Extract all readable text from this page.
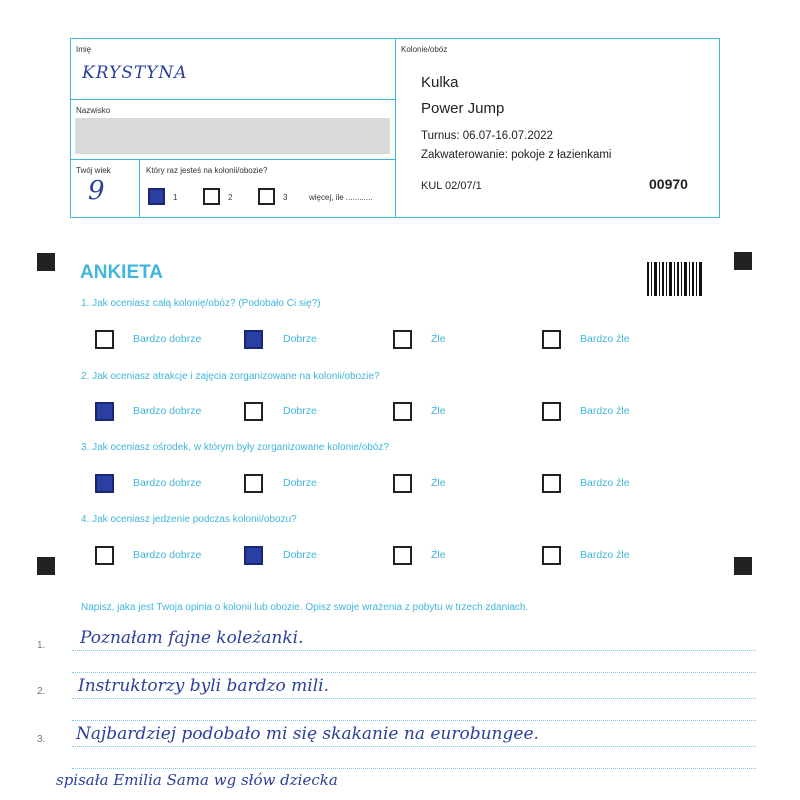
Imię
KRYSTYNA
Nazwisko
Twój wiek
9
Który raz jesteś na kolonii/obozie?
1	2	3	więcej, ile ............
Kolonie/obóz
Kulka
Power Jump
Turnus: 06.07-16.07.2022
Zakwaterowanie: pokoje z łazienkami
KUL 02/07/1	00970
ANKIETA
1. Jak oceniasz całą kolonię/obóz? (Podobało Ci się?)
2. Jak oceniasz atrakcje i zajęcia zorganizowane na kolonii/obozie?
3. Jak oceniasz ośrodek, w którym były zorganizowane kolonie/obóz?
4. Jak oceniasz jedzenie podczas kolonii/obozu?
Bardzo dobrze	Dobrze	Źle	Bardzo źle
Bardzo dobrze	Dobrze	Źle	Bardzo źle
Bardzo dobrze	Dobrze	Źle	Bardzo źle
Bardzo dobrze	Dobrze	Źle	Bardzo źle
Napisz, jaka jest Twoja opinia o kolonii lub obozie. Opisz swoje wrażenia z pobytu w trzech zdaniach.
1.
2.
3.
Poznałam fajne koleżanki.
Instruktorzy byli bardzo mili.
Najbardziej podobało mi się skakanie na eurobungee.
spisała Emilia Sama wg słów dziecka
